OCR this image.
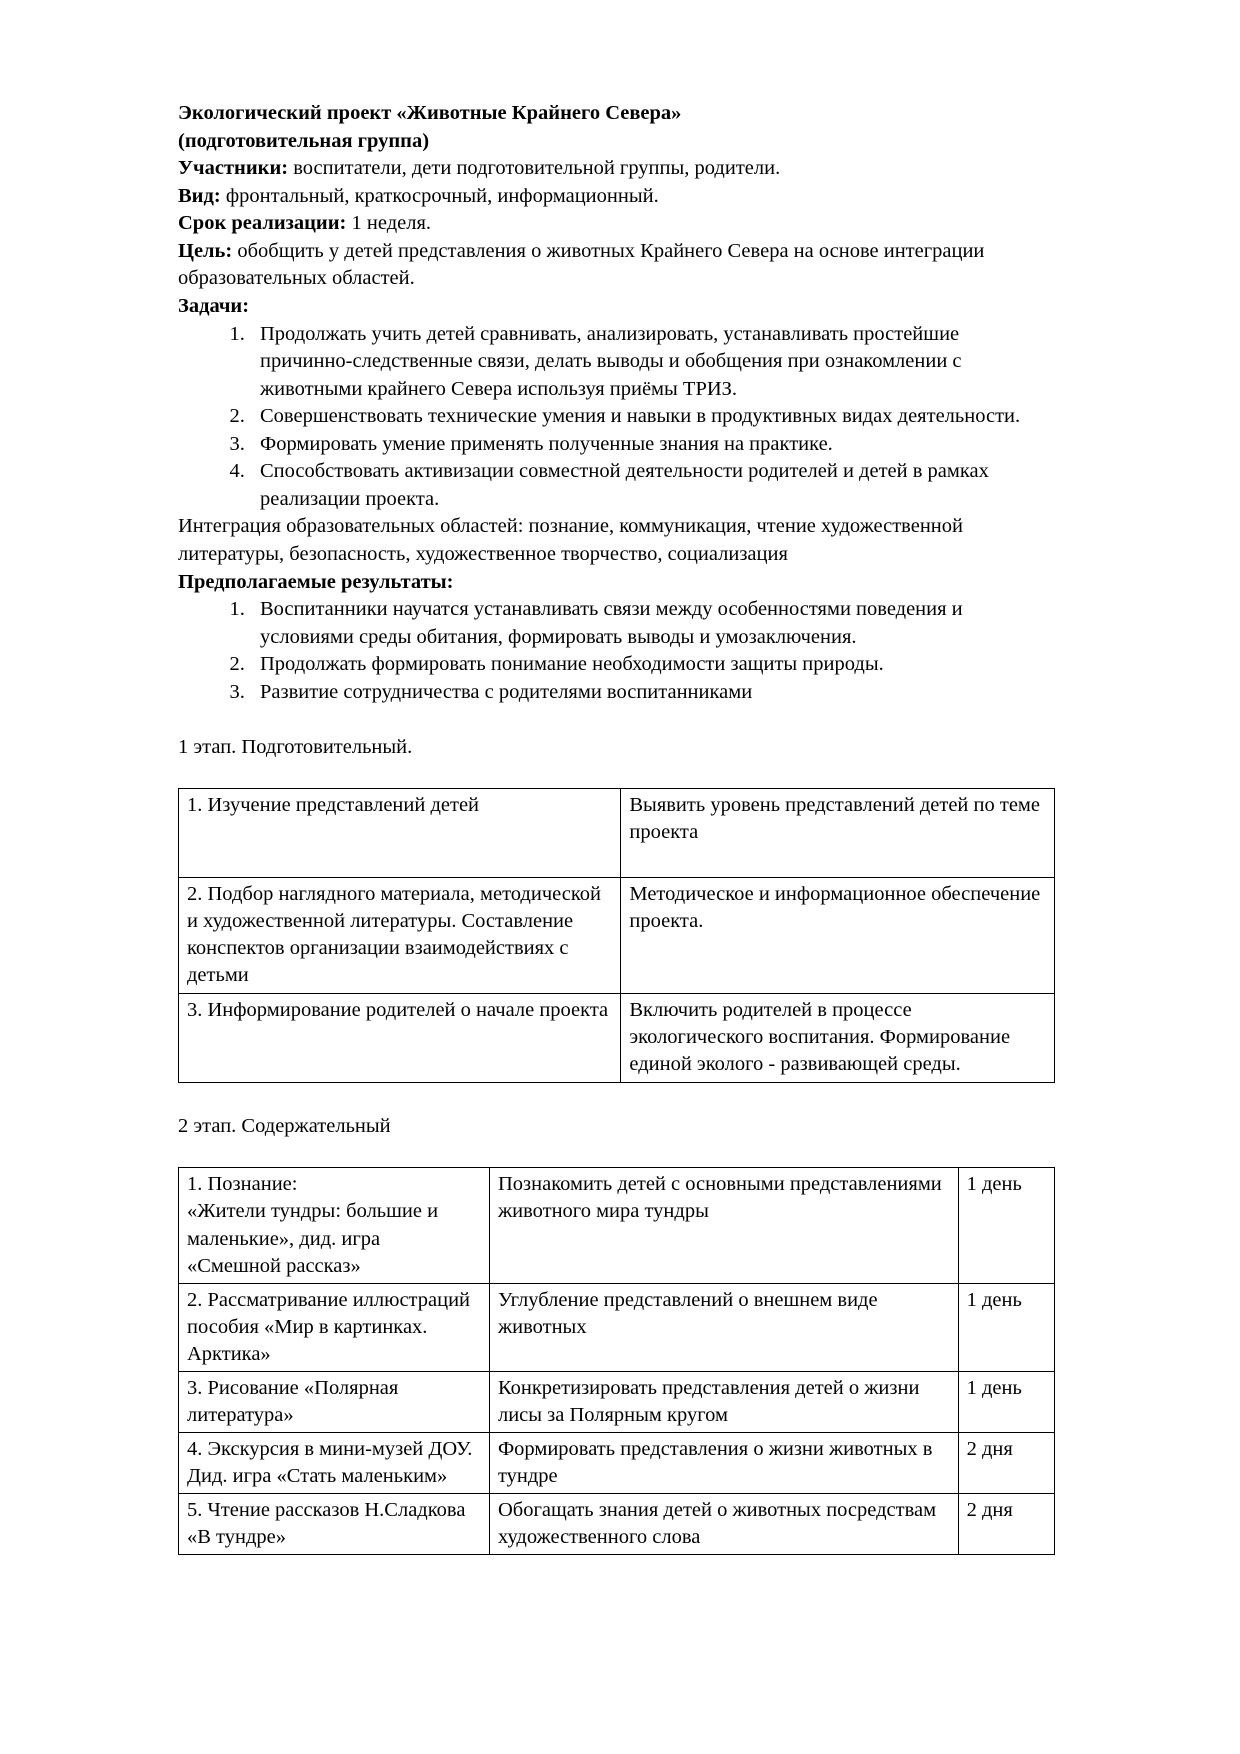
Экологический проект «Животные Крайнего Севера»

(подготовительная группа)

Участники: воспитатели, дети подготовительной группы, родители.

Вид: фронтальный, краткосрочный, информационный.

Срок реализации: 1 неделя.

Цель: обобщить у детей представления о животных Крайнего Севера на основе интеграции образовательных областей.

Задачи:

1. Продолжать учить детей сравнивать, анализировать, устанавливать простейшие причинно-следственные связи, делать выводы и обобщения при ознакомлении с животными крайнего Севера используя приёмы ТРИЗ.
2. Совершенствовать технические умения и навыки в продуктивных видах деятельности.
3. Формировать умение применять полученные знания на практике.
4. Способствовать активизации совместной деятельности родителей и детей в рамках реализации проекта.

Интеграция образовательных областей: познание, коммуникация, чтение художественной литературы, безопасность, художественное творчество, социализация

Предполагаемые результаты:

1. Воспитанники научатся устанавливать связи между особенностями поведения и условиями среды обитания, формировать выводы и умозаключения.
2. Продолжать формировать понимание необходимости защиты природы.
3. Развитие сотрудничества с родителями воспитанниками

1 этап. Подготовительный.

1. Изучение представлений детей	Выявить уровень представлений детей по теме проекта
2. Подбор наглядного материала, методической и художественной литературы. Составление конспектов организации взаимодействиях с детьми	Методическое и информационное обеспечение проекта.
3. Информирование родителей о начале проекта	Включить родителей в процессе экологического воспитания. Формирование единой эколого - развивающей среды.

2 этап. Содержательный

1. Познание:
«Жители тундры: большие и маленькие», дид. игра
«Смешной рассказ»	Познакомить детей с основными представлениями животного мира тундры	1 день
2. Рассматривание иллюстраций пособия «Мир в картинках. Арктика»	Углубление представлений о внешнем виде животных	1 день
3. Рисование «Полярная литература»	Конкретизировать представления детей о жизни лисы за Полярным кругом	1 день
4. Экскурсия в мини-музей ДОУ. Дид. игра «Стать маленьким»	Формировать представления о жизни животных в тундре	2 дня
5. Чтение рассказов Н.Сладкова «В тундре»	Обогащать знания детей о животных посредствам художественного слова	2 дня
